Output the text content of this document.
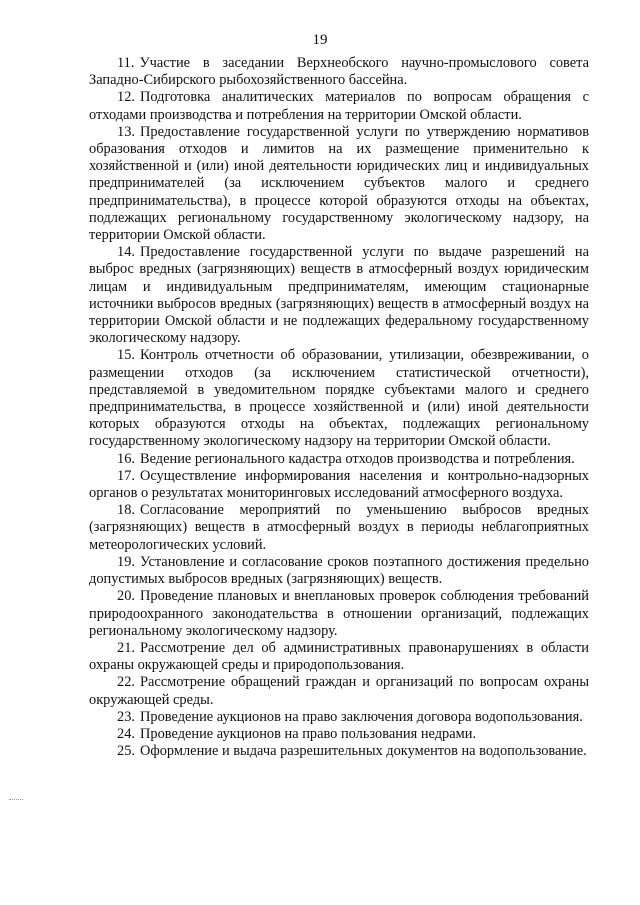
19

11. Участие в заседании Верхнеобского научно-промыслового совета Западно-Сибирского рыбохозяйственного бассейна.

12. Подготовка аналитических материалов по вопросам обращения с отходами производства и потребления на территории Омской области.

13. Предоставление государственной услуги по утверждению нормативов образования отходов и лимитов на их размещение применительно к хозяйственной и (или) иной деятельности юридических лиц и индивидуальных предпринимателей (за исключением субъектов малого и среднего предпринимательства), в процессе которой образуются отходы на объектах, подлежащих региональному государственному экологическому надзору, на территории Омской области.

14. Предоставление государственной услуги по выдаче разрешений на выброс вредных (загрязняющих) веществ в атмосферный воздух юридическим лицам и индивидуальным предпринимателям, имеющим стационарные источники выбросов вредных (загрязняющих) веществ в атмосферный воздух на территории Омской области и не подлежащих федеральному государственному экологическому надзору.

15. Контроль отчетности об образовании, утилизации, обезвреживании, о размещении отходов (за исключением статистической отчетности), представляемой в уведомительном порядке субъектами малого и среднего предпринимательства, в процессе хозяйственной и (или) иной деятельности которых образуются отходы на объектах, подлежащих региональному государственному экологическому надзору на территории Омской области.

16. Ведение регионального кадастра отходов производства и потребления.

17. Осуществление информирования населения и контрольно-надзорных органов о результатах мониторинговых исследований атмосферного воздуха.

18. Согласование мероприятий по уменьшению выбросов вредных (загрязняющих) веществ в атмосферный воздух в периоды неблагоприятных метеорологических условий.

19. Установление и согласование сроков поэтапного достижения предельно допустимых выбросов вредных (загрязняющих) веществ.

20. Проведение плановых и внеплановых проверок соблюдения требований природоохранного законодательства в отношении организаций, подлежащих региональному экологическому надзору.

21. Рассмотрение дел об административных правонарушениях в области охраны окружающей среды и природопользования.

22. Рассмотрение обращений граждан и организаций по вопросам охраны окружающей среды.

23. Проведение аукционов на право заключения договора водопользования.

24. Проведение аукционов на право пользования недрами.

25. Оформление и выдача разрешительных документов на водопользование.
